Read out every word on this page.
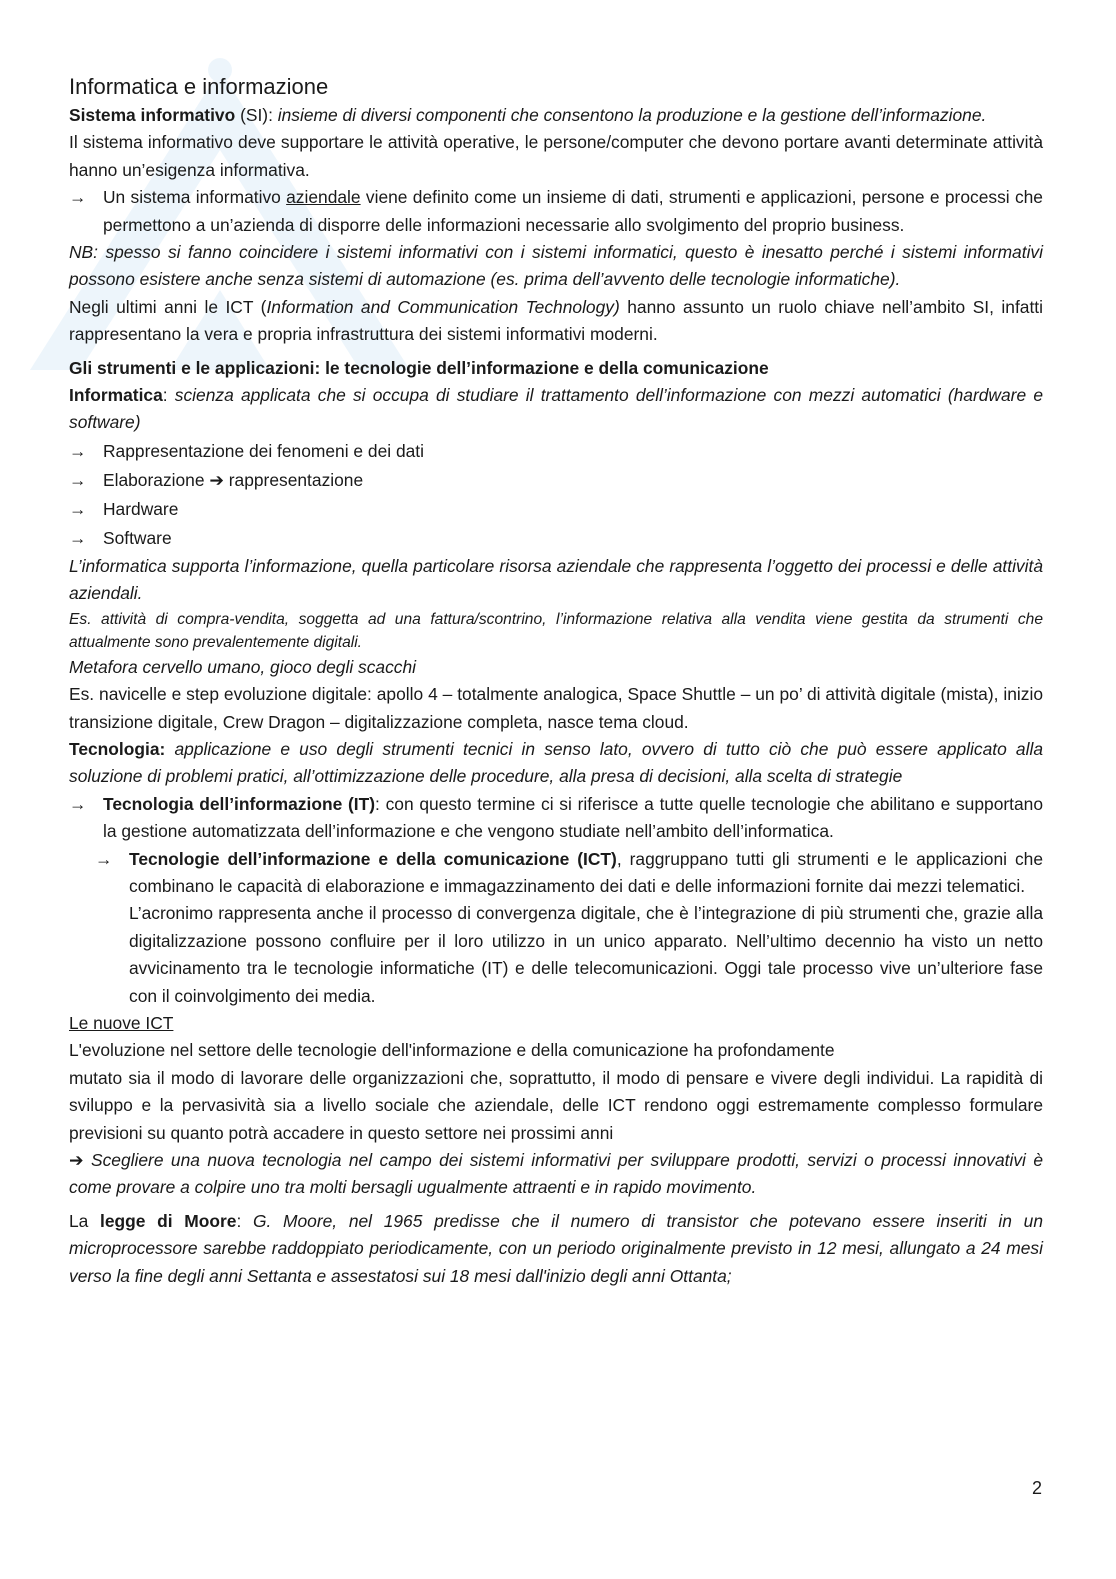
Informatica e informazione

Sistema informativo (SI): insieme di diversi componenti che consentono la produzione e la gestione dell’informazione.

Il sistema informativo deve supportare le attività operative, le persone/computer che devono portare avanti determinate attività hanno un’esigenza informativa.

→ Un sistema informativo aziendale viene definito come un insieme di dati, strumenti e applicazioni, persone e processi che permettono a un’azienda di disporre delle informazioni necessarie allo svolgimento del proprio business.

NB: spesso si fanno coincidere i sistemi informativi con i sistemi informatici, questo è inesatto perché i sistemi informativi possono esistere anche senza sistemi di automazione (es. prima dell’avvento delle tecnologie informatiche).

Negli ultimi anni le ICT (Information and Communication Technology) hanno assunto un ruolo chiave nell’ambito SI, infatti rappresentano la vera e propria infrastruttura dei sistemi informativi moderni.

Gli strumenti e le applicazioni: le tecnologie dell’informazione e della comunicazione

Informatica: scienza applicata che si occupa di studiare il trattamento dell’informazione con mezzi automatici (hardware e software)

→ Rappresentazione dei fenomeni e dei dati
→ Elaborazione ➔ rappresentazione
→ Hardware
→ Software

L’informatica supporta l’informazione, quella particolare risorsa aziendale che rappresenta l’oggetto dei processi e delle attività aziendali.

Es. attività di compra-vendita, soggetta ad una fattura/scontrino, l’informazione relativa alla vendita viene gestita da strumenti che attualmente sono prevalentemente digitali.

Metafora cervello umano, gioco degli scacchi

Es. navicelle e step evoluzione digitale: apollo 4 – totalmente analogica, Space Shuttle – un po’ di attività digitale (mista), inizio transizione digitale, Crew Dragon – digitalizzazione completa, nasce tema cloud.

Tecnologia: applicazione e uso degli strumenti tecnici in senso lato, ovvero di tutto ciò che può essere applicato alla soluzione di problemi pratici, all’ottimizzazione delle procedure, alla presa di decisioni, alla scelta di strategie

→ Tecnologia dell’informazione (IT): con questo termine ci si riferisce a tutte quelle tecnologie che abilitano e supportano la gestione automatizzata dell’informazione e che vengono studiate nell’ambito dell’informatica.
→ Tecnologie dell’informazione e della comunicazione (ICT), raggruppano tutti gli strumenti e le applicazioni che combinano le capacità di elaborazione e immagazzinamento dei dati e delle informazioni fornite dai mezzi telematici.

L’acronimo rappresenta anche il processo di convergenza digitale, che è l’integrazione di più strumenti che, grazie alla digitalizzazione possono confluire per il loro utilizzo in un unico apparato. Nell’ultimo decennio ha visto un netto avvicinamento tra le tecnologie informatiche (IT) e delle telecomunicazioni. Oggi tale processo vive un’ulteriore fase con il coinvolgimento dei media.

Le nuove ICT

L'evoluzione nel settore delle tecnologie dell'informazione e della comunicazione ha profondamente

mutato sia il modo di lavorare delle organizzazioni che, soprattutto, il modo di pensare e vivere degli individui. La rapidità di sviluppo e la pervasività sia a livello sociale che aziendale, delle ICT rendono oggi estremamente complesso formulare previsioni su quanto potrà accadere in questo settore nei prossimi anni

➔ Scegliere una nuova tecnologia nel campo dei sistemi informativi per sviluppare prodotti, servizi o processi innovativi è come provare a colpire uno tra molti bersagli ugualmente attraenti e in rapido movimento.

La legge di Moore: G. Moore, nel 1965 predisse che il numero di transistor che potevano essere inseriti in un microprocessore sarebbe raddoppiato periodicamente, con un periodo originalmente previsto in 12 mesi, allungato a 24 mesi verso la fine degli anni Settanta e assestatosi sui 18 mesi dall'inizio degli anni Ottanta;

2
